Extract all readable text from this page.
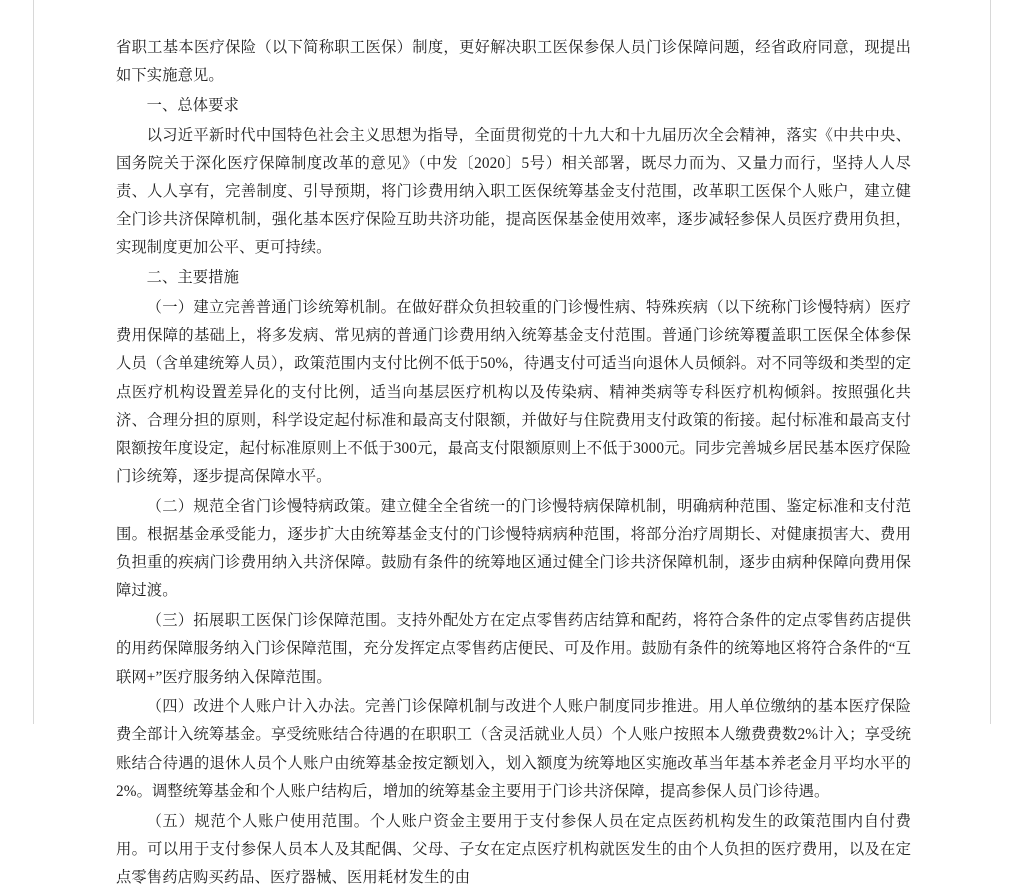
省职工基本医疗保险（以下简称职工医保）制度，更好解决职工医保参保人员门诊保障问题，经省政府同意，现提出如下实施意见。

一、总体要求

以习近平新时代中国特色社会主义思想为指导，全面贯彻党的十九大和十九届历次全会精神，落实《中共中央、国务院关于深化医疗保障制度改革的意见》（中发〔2020〕5号）相关部署，既尽力而为、又量力而行，坚持人人尽责、人人享有，完善制度、引导预期，将门诊费用纳入职工医保统筹基金支付范围，改革职工医保个人账户，建立健全门诊共济保障机制，强化基本医疗保险互助共济功能，提高医保基金使用效率，逐步减轻参保人员医疗费用负担，实现制度更加公平、更可持续。

二、主要措施

（一）建立完善普通门诊统筹机制。在做好群众负担较重的门诊慢性病、特殊疾病（以下统称门诊慢特病）医疗费用保障的基础上，将多发病、常见病的普通门诊费用纳入统筹基金支付范围。普通门诊统筹覆盖职工医保全体参保人员（含单建统筹人员），政策范围内支付比例不低于50%，待遇支付可适当向退休人员倾斜。对不同等级和类型的定点医疗机构设置差异化的支付比例，适当向基层医疗机构以及传染病、精神类病等专科医疗机构倾斜。按照强化共济、合理分担的原则，科学设定起付标准和最高支付限额，并做好与住院费用支付政策的衔接。起付标准和最高支付限额按年度设定，起付标准原则上不低于300元，最高支付限额原则上不低于3000元。同步完善城乡居民基本医疗保险门诊统筹，逐步提高保障水平。

（二）规范全省门诊慢特病政策。建立健全全省统一的门诊慢特病保障机制，明确病种范围、鉴定标准和支付范围。根据基金承受能力，逐步扩大由统筹基金支付的门诊慢特病病种范围，将部分治疗周期长、对健康损害大、费用负担重的疾病门诊费用纳入共济保障。鼓励有条件的统筹地区通过健全门诊共济保障机制，逐步由病种保障向费用保障过渡。

（三）拓展职工医保门诊保障范围。支持外配处方在定点零售药店结算和配药，将符合条件的定点零售药店提供的用药保障服务纳入门诊保障范围，充分发挥定点零售药店便民、可及作用。鼓励有条件的统筹地区将符合条件的“互联网+”医疗服务纳入保障范围。

（四）改进个人账户计入办法。完善门诊保障机制与改进个人账户制度同步推进。用人单位缴纳的基本医疗保险费全部计入统筹基金。享受统账结合待遇的在职职工（含灵活就业人员）个人账户按照本人缴费费数2%计入；享受统账结合待遇的退休人员个人账户由统筹基金按定额划入，划入额度为统筹地区实施改革当年基本养老金月平均水平的2%。调整统筹基金和个人账户结构后，增加的统筹基金主要用于门诊共济保障，提高参保人员门诊待遇。

（五）规范个人账户使用范围。个人账户资金主要用于支付参保人员在定点医药机构发生的政策范围内自付费用。可以用于支付参保人员本人及其配偶、父母、子女在定点医疗机构就医发生的由个人负担的医疗费用，以及在定点零售药店购买药品、医疗器械、医用耗材发生的由
